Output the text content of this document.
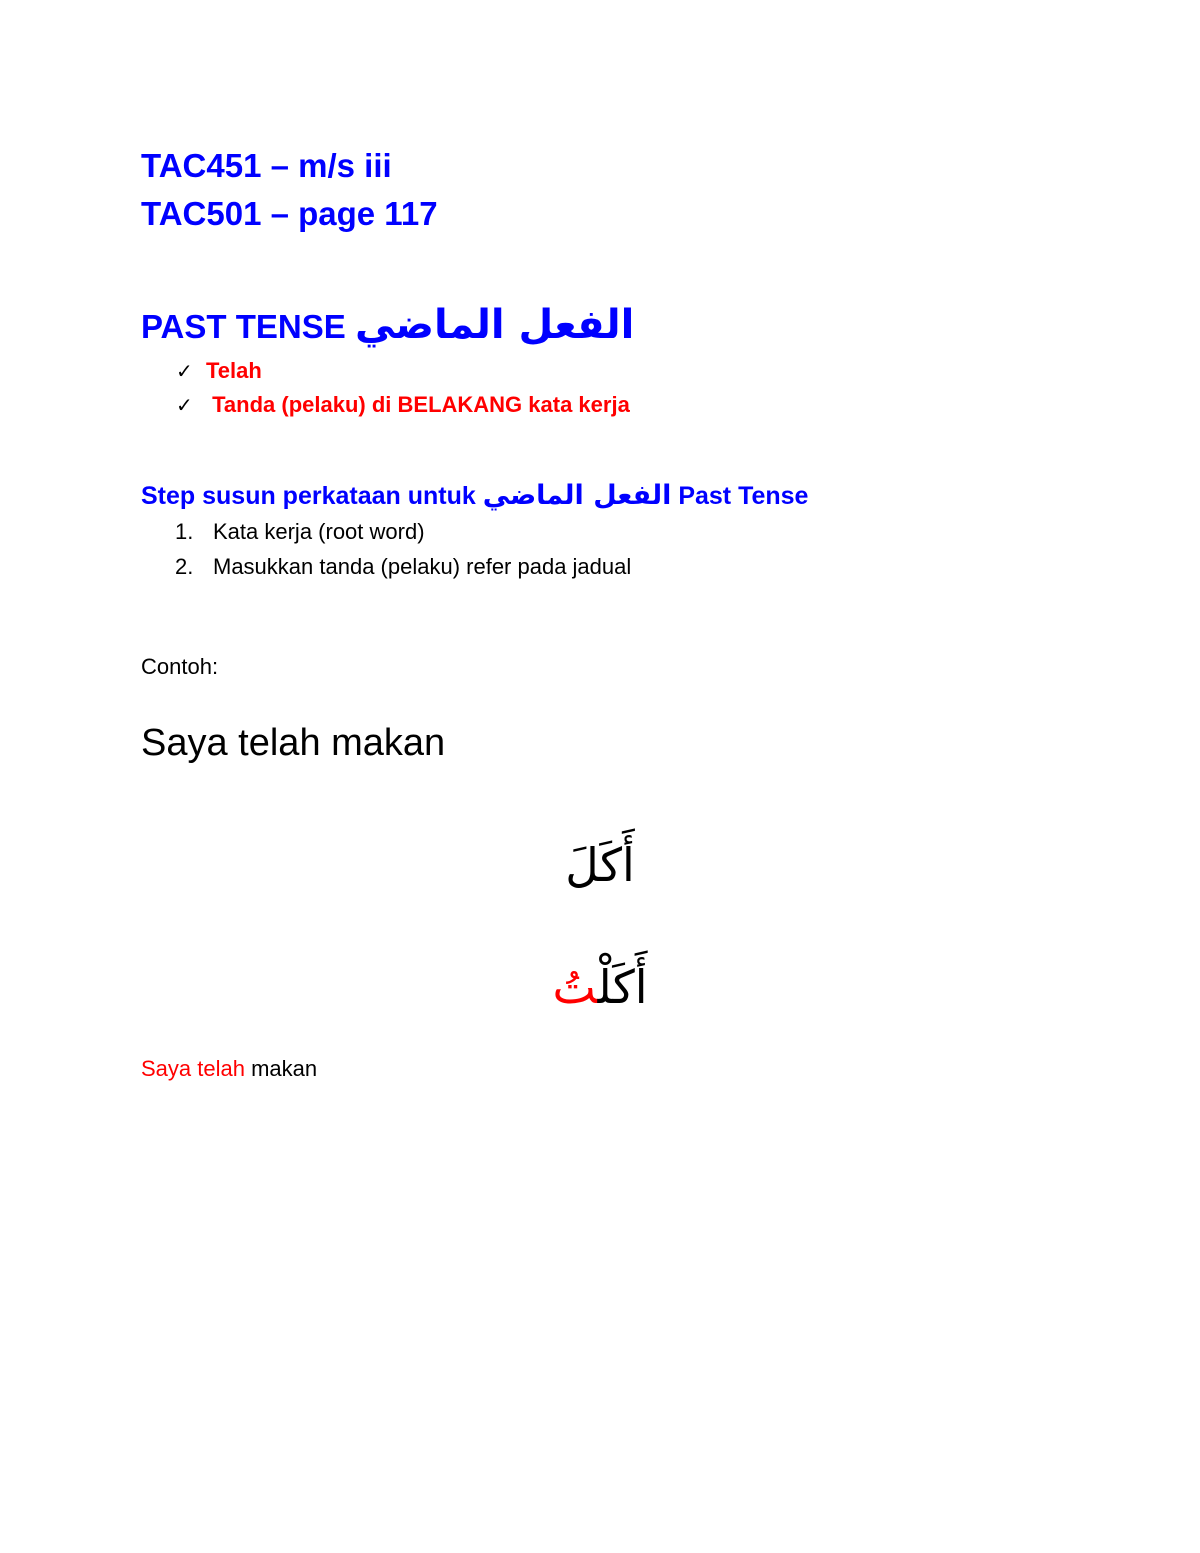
TAC451 – m/s iii
TAC501 – page 117
PAST TENSE الفعل الماضي
✓ Telah
✓ Tanda (pelaku) di BELAKANG kata kerja
Step susun perkataan untuk الفعل الماضي Past Tense
1. Kata kerja (root word)
2. Masukkan tanda (pelaku) refer pada jadual
Contoh:
Saya telah makan
أَكَلَ
أَكَلْتُ
Saya telah makan
